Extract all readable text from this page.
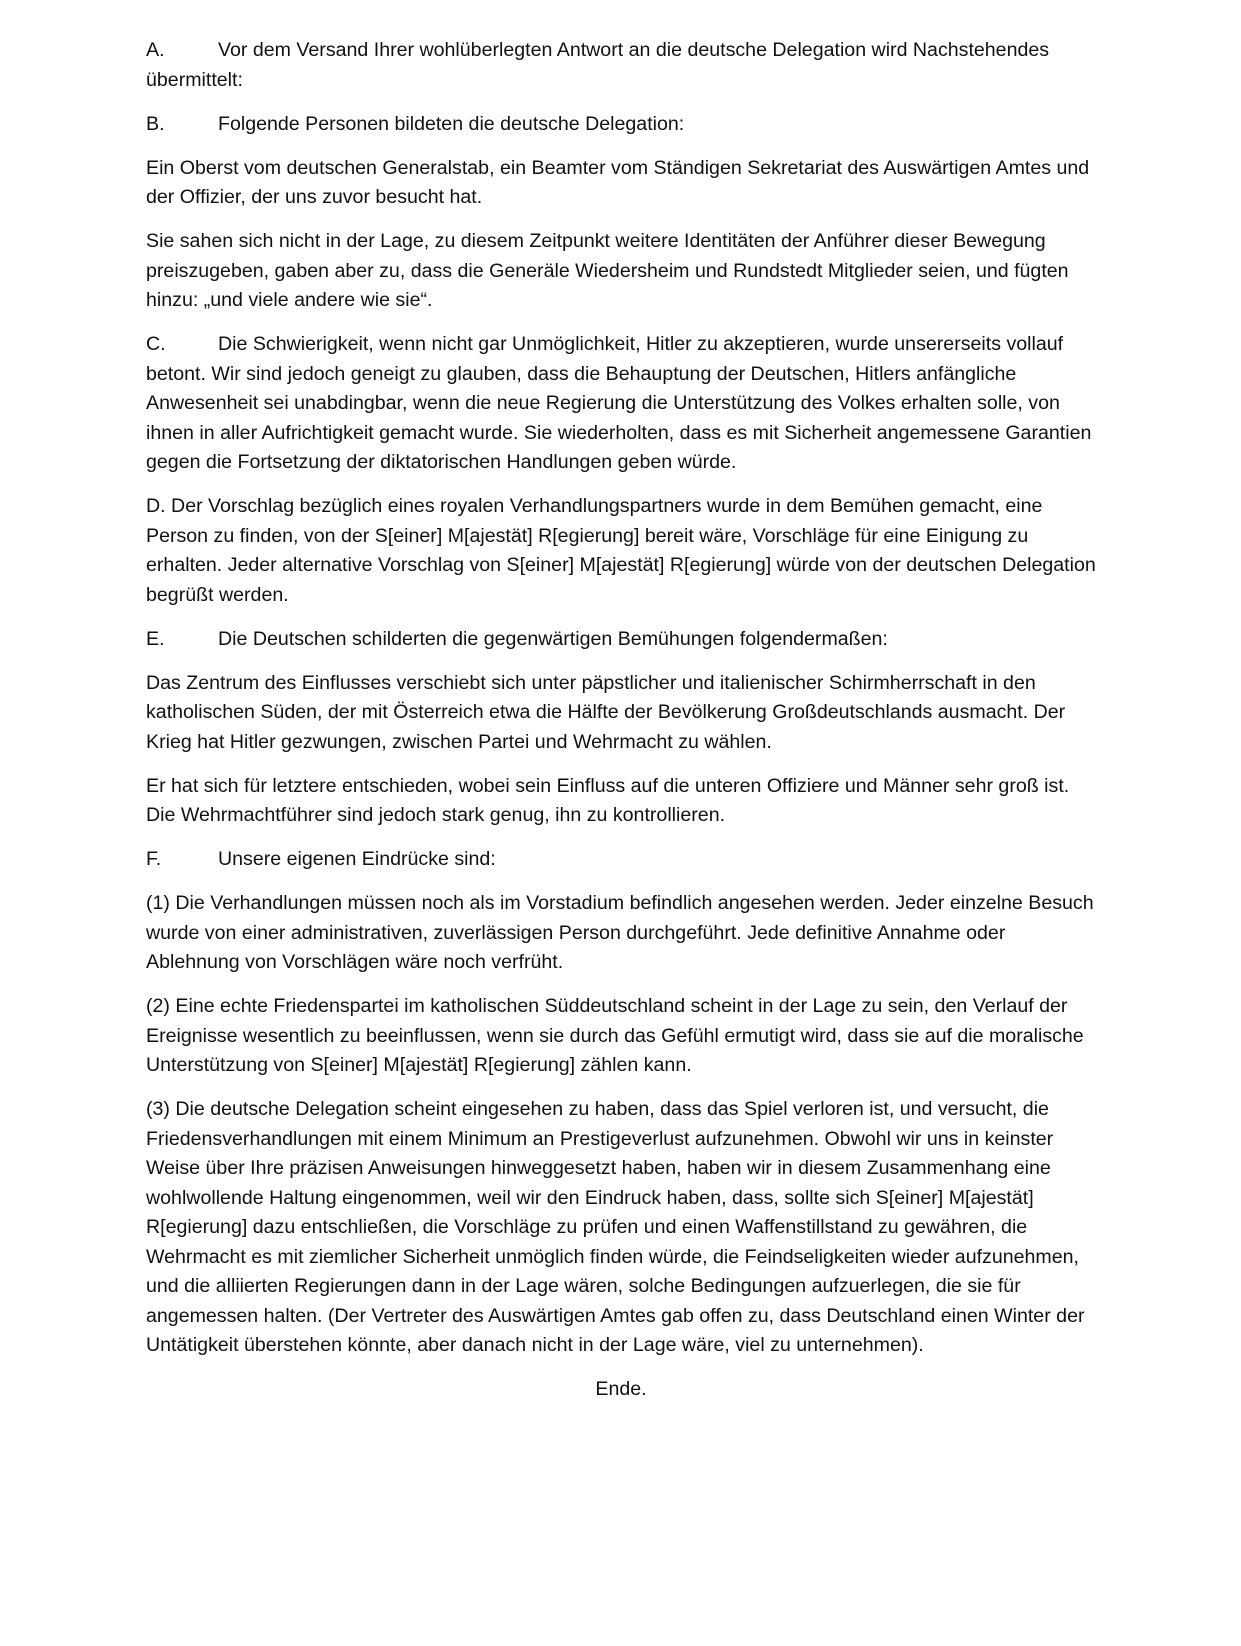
A.	Vor dem Versand Ihrer wohlüberlegten Antwort an die deutsche Delegation wird Nachstehendes übermittelt:

B.	Folgende Personen bildeten die deutsche Delegation:

Ein Oberst vom deutschen Generalstab, ein Beamter vom Ständigen Sekretariat des Auswärtigen Amtes und der Offizier, der uns zuvor besucht hat.

Sie sahen sich nicht in der Lage, zu diesem Zeitpunkt weitere Identitäten der Anführer dieser Bewegung preiszugeben, gaben aber zu, dass die Generäle Wiedersheim und Rundstedt Mitglieder seien, und fügten hinzu: „und viele andere wie sie“.

C.	Die Schwierigkeit, wenn nicht gar Unmöglichkeit, Hitler zu akzeptieren, wurde unsererseits vollauf betont. Wir sind jedoch geneigt zu glauben, dass die Behauptung der Deutschen, Hitlers anfängliche Anwesenheit sei unabdingbar, wenn die neue Regierung die Unterstützung des Volkes erhalten solle, von ihnen in aller Aufrichtigkeit gemacht wurde. Sie wiederholten, dass es mit Sicherheit angemessene Garantien gegen die Fortsetzung der diktatorischen Handlungen geben würde.

D. Der Vorschlag bezüglich eines royalen Verhandlungspartners wurde in dem Bemühen gemacht, eine Person zu finden, von der S[einer] M[ajestät] R[egierung] bereit wäre, Vorschläge für eine Einigung zu erhalten. Jeder alternative Vorschlag von S[einer] M[ajestät] R[egierung] würde von der deutschen Delegation begrüßt werden.

E.	Die Deutschen schilderten die gegenwärtigen Bemühungen folgendermaßen:

Das Zentrum des Einflusses verschiebt sich unter päpstlicher und italienischer Schirmherrschaft in den katholischen Süden, der mit Österreich etwa die Hälfte der Bevölkerung Großdeutschlands ausmacht. Der Krieg hat Hitler gezwungen, zwischen Partei und Wehrmacht zu wählen.

Er hat sich für letztere entschieden, wobei sein Einfluss auf die unteren Offiziere und Männer sehr groß ist. Die Wehrmachtführer sind jedoch stark genug, ihn zu kontrollieren.

F.	Unsere eigenen Eindrücke sind:

(1) Die Verhandlungen müssen noch als im Vorstadium befindlich angesehen werden. Jeder einzelne Besuch wurde von einer administrativen, zuverlässigen Person durchgeführt. Jede definitive Annahme oder Ablehnung von Vorschlägen wäre noch verfrüht.

(2) Eine echte Friedenspartei im katholischen Süddeutschland scheint in der Lage zu sein, den Verlauf der Ereignisse wesentlich zu beeinflussen, wenn sie durch das Gefühl ermutigt wird, dass sie auf die moralische Unterstützung von S[einer] M[ajestät] R[egierung] zählen kann.

(3) Die deutsche Delegation scheint eingesehen zu haben, dass das Spiel verloren ist, und versucht, die Friedensverhandlungen mit einem Minimum an Prestigeverlust aufzunehmen. Obwohl wir uns in keinster Weise über Ihre präzisen Anweisungen hinweggesetzt haben, haben wir in diesem Zusammenhang eine wohlwollende Haltung eingenommen, weil wir den Eindruck haben, dass, sollte sich S[einer] M[ajestät] R[egierung] dazu entschließen, die Vorschläge zu prüfen und einen Waffenstillstand zu gewähren, die Wehrmacht es mit ziemlicher Sicherheit unmöglich finden würde, die Feindseligkeiten wieder aufzunehmen, und die alliierten Regierungen dann in der Lage wären, solche Bedingungen aufzuerlegen, die sie für angemessen halten. (Der Vertreter des Auswärtigen Amtes gab offen zu, dass Deutschland einen Winter der Untätigkeit überstehen könnte, aber danach nicht in der Lage wäre, viel zu unternehmen).

Ende.
